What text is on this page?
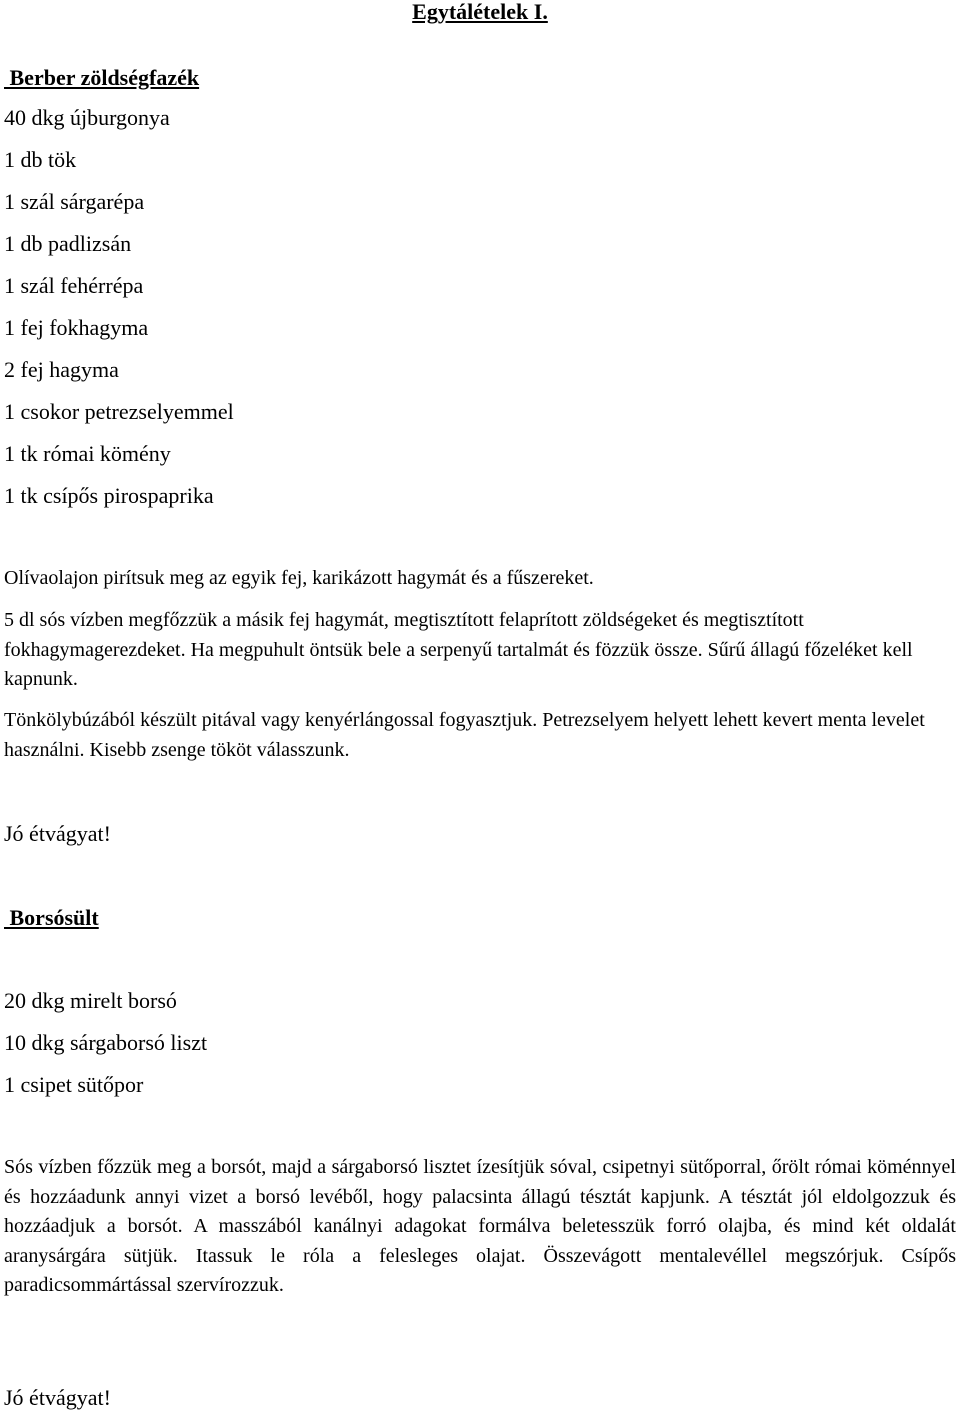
Egytálételek I.
Berber zöldségfazék
40 dkg újburgonya
1 db tök
1 szál sárgarépa
1 db padlizsán
1 szál fehérrépa
1 fej fokhagyma
2 fej hagyma
1 csokor petrezselyemmel
1 tk római kömény
1 tk csípős pirospaprika
Olívaolajon pirítsuk meg az egyik fej, karikázott hagymát és a fűszereket.
5 dl sós vízben megfőzzük a másik fej hagymát, megtisztított felaprított zöldségeket és megtisztított fokhagymagerezdeket. Ha megpuhult öntsük bele a serpenyű tartalmát és fözzük össze. Sűrű állagú főzeléket kell kapnunk.
Tönkölybúzából készült pitával vagy kenyérlángossal fogyasztjuk. Petrezselyem helyett lehett kevert menta levelet használni. Kisebb zsenge tököt válasszunk.
Jó étvágyat!
Borsósült
20 dkg mirelt borsó
10 dkg sárgaborsó liszt
1 csipet sütőpor
Sós vízben főzzük meg a borsót, majd a sárgaborsó lisztet ízesítjük sóval, csipetnyi sütőporral, őrölt római köménnyel és hozzáadunk annyi vizet a borsó levéből, hogy palacsinta állagú tésztát kapjunk. A tésztát jól eldolgozzuk és hozzáadjuk a borsót. A masszából kanálnyi adagokat formálva beletesszük forró olajba, és mind két oldalát aranysárgára sütjük. Itassuk le róla a felesleges olajat. Összevágott mentalevéllel megszórjuk. Csípős paradicsommártással szervírozzuk.
Jó étvágyat!
